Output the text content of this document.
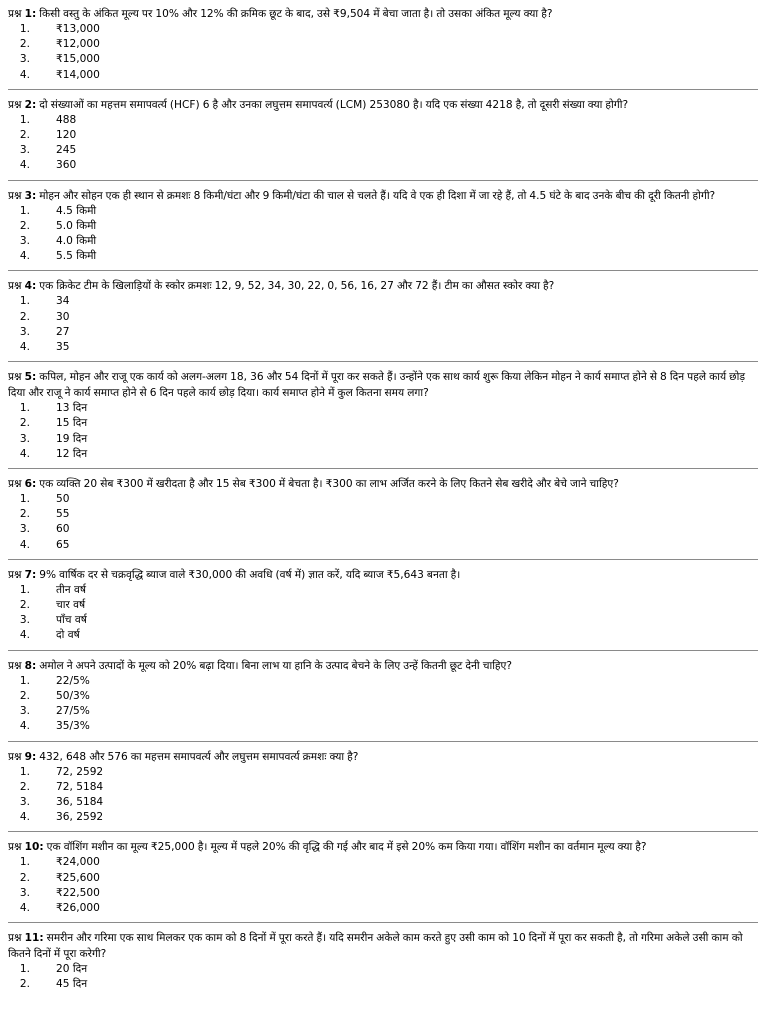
प्रश्न 1: किसी वस्तु के अंकित मूल्य पर 10% और 12% की क्रमिक छूट के बाद, उसे ₹9,504 में बेचा जाता है। तो उसका अंकित मूल्य क्या है?

1.	₹13,000
2.	₹12,000
3.	₹15,000
4.	₹14,000

प्रश्न 2: दो संख्याओं का महत्तम समापवर्त्य (HCF) 6 है और उनका लघुत्तम समापवर्त्य (LCM) 253080 है। यदि एक संख्या 4218 है, तो दूसरी संख्या क्या होगी?

1.	488
2.	120
3.	245
4.	360

प्रश्न 3: मोहन और सोहन एक ही स्थान से क्रमशः 8 किमी/घंटा और 9 किमी/घंटा की चाल से चलते हैं। यदि वे एक ही दिशा में जा रहे हैं, तो 4.5 घंटे के बाद उनके बीच की दूरी कितनी होगी?

1.	4.5 किमी
2.	5.0 किमी
3.	4.0 किमी
4.	5.5 किमी

प्रश्न 4: एक क्रिकेट टीम के खिलाड़ियों के स्कोर क्रमशः 12, 9, 52, 34, 30, 22, 0, 56, 16, 27 और 72 हैं। टीम का औसत स्कोर क्या है?

1.	34
2.	30
3.	27
4.	35

प्रश्न 5: कपिल, मोहन और राजू एक कार्य को अलग-अलग 18, 36 और 54 दिनों में पूरा कर सकते हैं। उन्होंने एक साथ कार्य शुरू किया लेकिन मोहन ने कार्य समाप्त होने से 8 दिन पहले कार्य छोड़ दिया और राजू ने कार्य समाप्त होने से 6 दिन पहले कार्य छोड़ दिया। कार्य समाप्त होने में कुल कितना समय लगा?

1.	13 दिन
2.	15 दिन
3.	19 दिन
4.	12 दिन

प्रश्न 6: एक व्यक्ति 20 सेब ₹300 में खरीदता है और 15 सेब ₹300 में बेचता है। ₹300 का लाभ अर्जित करने के लिए कितने सेब खरीदे और बेचे जाने चाहिए?

1.	50
2.	55
3.	60
4.	65

प्रश्न 7: 9% वार्षिक दर से चक्रवृद्धि ब्याज वाले ₹30,000 की अवधि (वर्ष में) ज्ञात करें, यदि ब्याज ₹5,643 बनता है।

1.	तीन वर्ष
2.	चार वर्ष
3.	पाँच वर्ष
4.	दो वर्ष

प्रश्न 8: अमोल ने अपने उत्पादों के मूल्य को 20% बढ़ा दिया। बिना लाभ या हानि के उत्पाद बेचने के लिए उन्हें कितनी छूट देनी चाहिए?

1.	22/5%
2.	50/3%
3.	27/5%
4.	35/3%

प्रश्न 9: 432, 648 और 576 का महत्तम समापवर्त्य और लघुत्तम समापवर्त्य क्रमशः क्या है?

1.	72, 2592
2.	72, 5184
3.	36, 5184
4.	36, 2592

प्रश्न 10: एक वॉशिंग मशीन का मूल्य ₹25,000 है। मूल्य में पहले 20% की वृद्धि की गई और बाद में इसे 20% कम किया गया। वॉशिंग मशीन का वर्तमान मूल्य क्या है?

1.	₹24,000
2.	₹25,600
3.	₹22,500
4.	₹26,000

प्रश्न 11: समरीन और गरिमा एक साथ मिलकर एक काम को 8 दिनों में पूरा करते हैं। यदि समरीन अकेले काम करते हुए उसी काम को 10 दिनों में पूरा कर सकती है, तो गरिमा अकेले उसी काम को कितने दिनों में पूरा करेगी?

1.	20 दिन
2.	45 दिन
